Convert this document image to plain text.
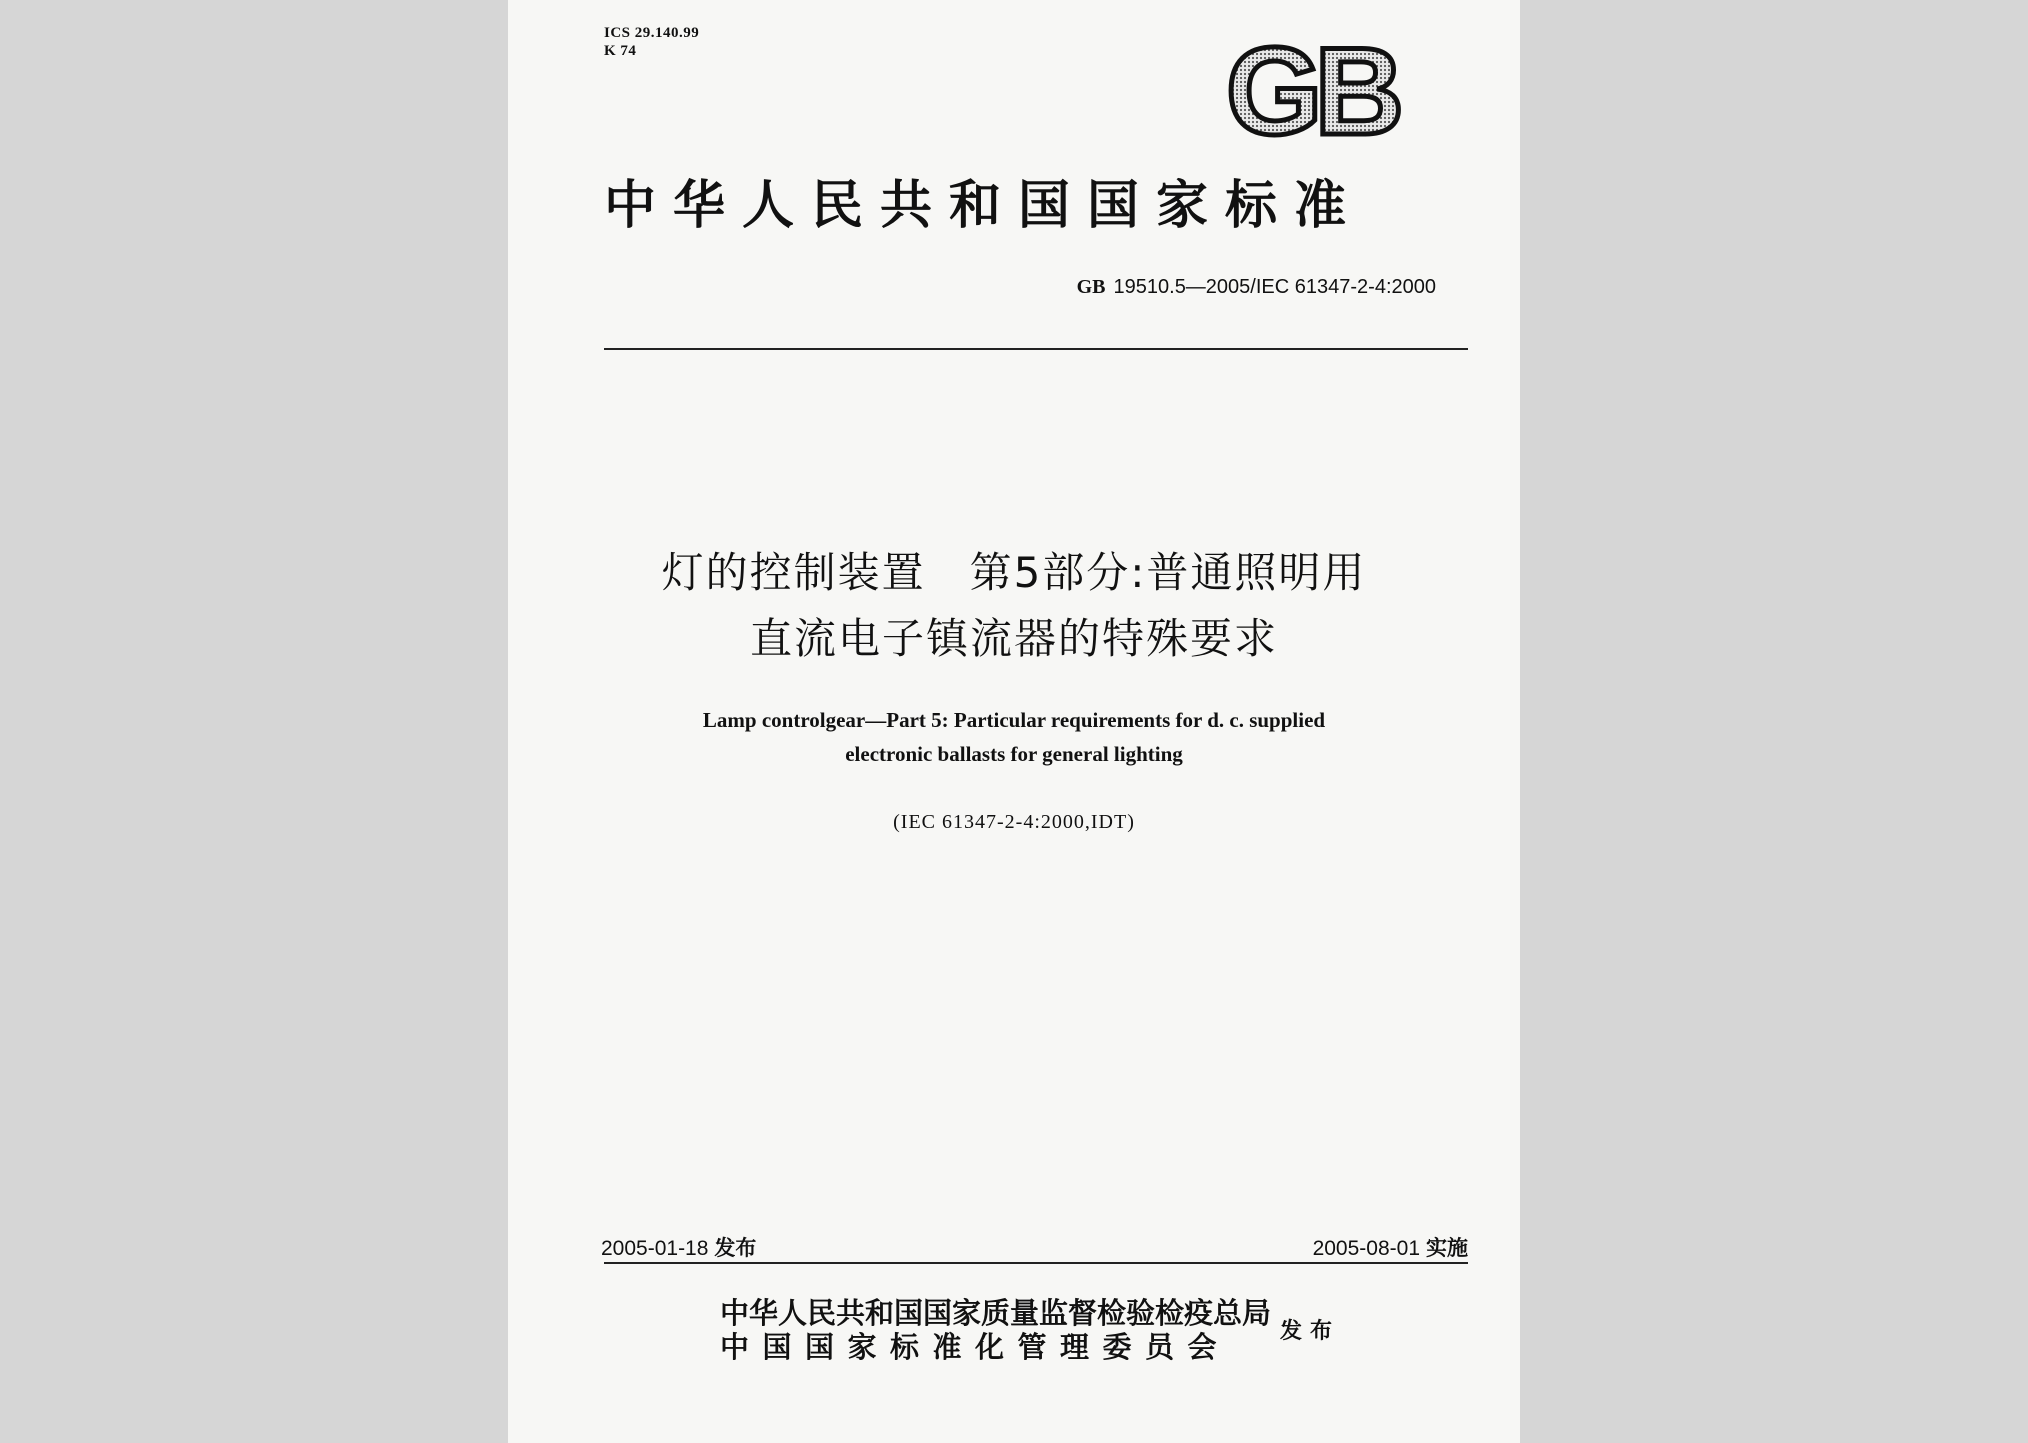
ICS 29.140.99
K 74	GB
中华人民共和国国家标准
GB 19510.5—2005/IEC 61347-2-4:2000
灯的控制装置　第5部分:普通照明用
直流电子镇流器的特殊要求
Lamp controlgear—Part 5: Particular requirements for d. c. supplied
electronic ballasts for general lighting
(IEC 61347-2-4:2000,IDT)
2005-01-18 发布	2005-08-01 实施
中华人民共和国国家质量监督检验检疫总局
中国国家标准化管理委员会 发布
